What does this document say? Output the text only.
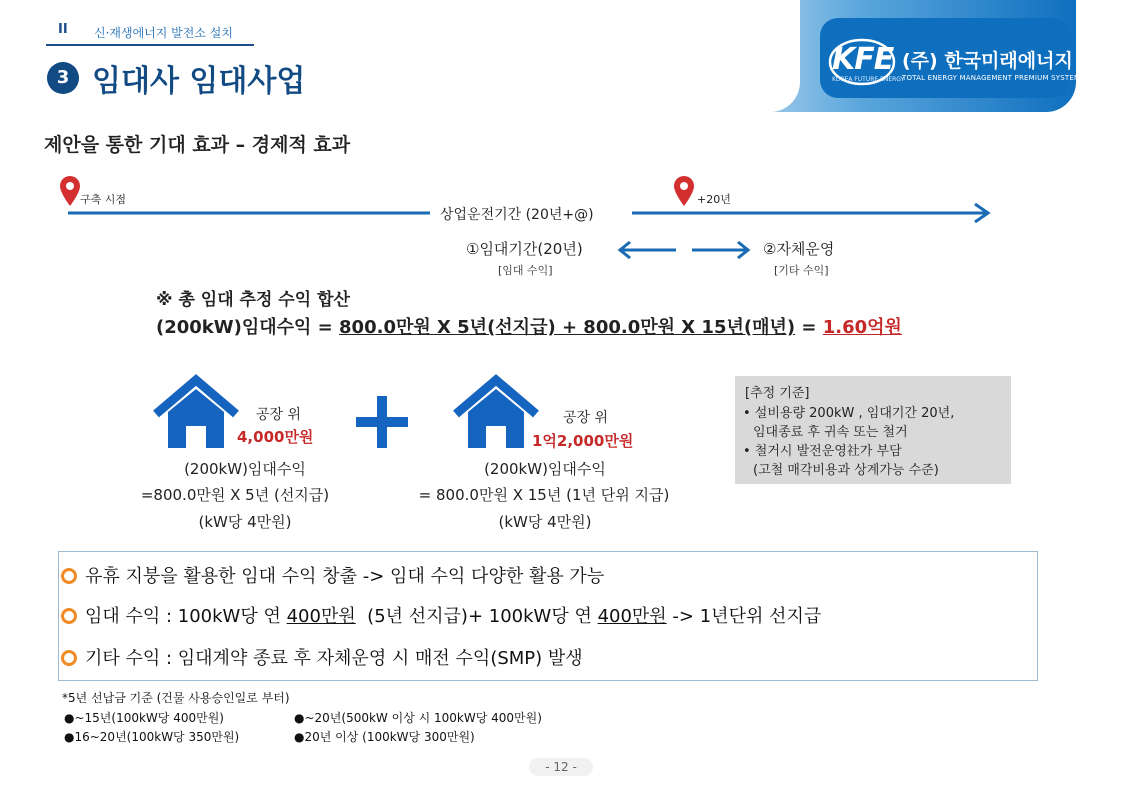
II 신·재생에너지 발전소 설치
3 임대사 임대사업
KFE
KOREA FUTURE ENERGY
(주) 한국미래에너지
TOTAL ENERGY MANAGEMENT PREMIUM SYSTEM
제안을 통한 기대 효과 – 경제적 효과
구축 시점	+20년
상업운전기간 (20년+@)
①임대기간(20년)
[임대 수익]
②자체운영
[기타 수익]
※ 총 임대 추정 수익 합산
(200kW)임대수익 = 800.0만원 X 5년(선지급) + 800.0만원 X 15년(매년) = 1.60억원
공장 위
4,000만원
(200kW)임대수익
=800.0만원 X 5년 (선지급)
(kW당 4만원)
공장 위
1억2,000만원
(200kW)임대수익
= 800.0만원 X 15년 (1년 단위 지급)
(kW당 4만원)
[추정 기준]
• 설비용량 200kW , 임대기간 20년,
임대종료 후 귀속 또는 철거
• 철거시 발전운영社가 부담
(고철 매각비용과 상계가능 수준)
유휴 지붕을 활용한 임대 수익 창출 -> 임대 수익 다양한 활용 가능
임대 수익 : 100kW당 연 400만원  (5년 선지급)+ 100kW당 연 400만원 -> 1년단위 선지급
기타 수익 : 임대계약 종료 후 자체운영 시 매전 수익(SMP) 발생
*5년 선납금 기준 (건물 사용승인일로 부터)
●~15년(100kW당 400만원)	●~20년(500kW 이상 시 100kW당 400만원)
●16~20년(100kW당 350만원)	●20년 이상 (100kW당 300만원)
- 12 -
